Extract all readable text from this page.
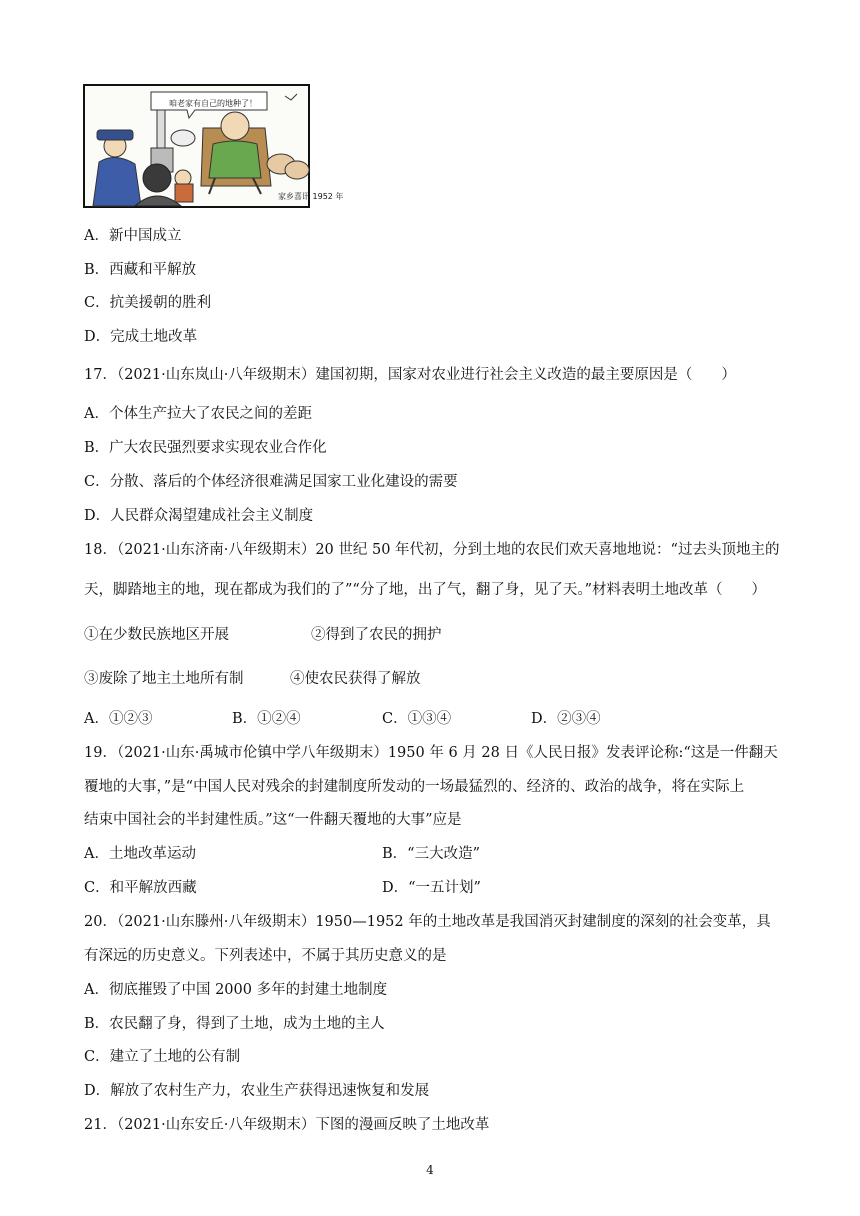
咱老家有自己的地种了！
家乡喜讯 1952 年
A．新中国成立
B．西藏和平解放
C．抗美援朝的胜利
D．完成土地改革
17．（2021·山东岚山·八年级期末）建国初期，国家对农业进行社会主义改造的最主要原因是（　　）
A．个体生产拉大了农民之间的差距
B．广大农民强烈要求实现农业合作化
C．分散、落后的个体经济很难满足国家工业化建设的需要
D．人民群众渴望建成社会主义制度
18．（2021·山东济南·八年级期末）20 世纪 50 年代初，分到土地的农民们欢天喜地地说：“过去头顶地主的
天，脚踏地主的地，现在都成为我们的了”“分了地，出了气，翻了身，见了天。”材料表明土地改革（　　）
①在少数民族地区开展	②得到了农民的拥护
③废除了地主土地所有制	④使农民获得了解放
A．①②③	B．①②④	C．①③④	D．②③④
19．（2021·山东·禹城市伦镇中学八年级期末）1950 年 6 月 28 日《人民日报》发表评论称:“这是一件翻天
覆地的大事，”是“中国人民对残余的封建制度所发动的一场最猛烈的、经济的、政治的战争，将在实际上
结束中国社会的半封建性质。”这“一件翻天覆地的大事”应是
A．土地改革运动	B．“三大改造”
C．和平解放西藏	D．“一五计划”
20．（2021·山东滕州·八年级期末）1950—1952 年的土地改革是我国消灭封建制度的深刻的社会变革，具
有深远的历史意义。下列表述中，不属于其历史意义的是
A．彻底摧毁了中国 2000 多年的封建土地制度
B．农民翻了身，得到了土地，成为土地的主人
C．建立了土地的公有制
D．解放了农村生产力，农业生产获得迅速恢复和发展
21．（2021·山东安丘·八年级期末）下图的漫画反映了土地改革
4
